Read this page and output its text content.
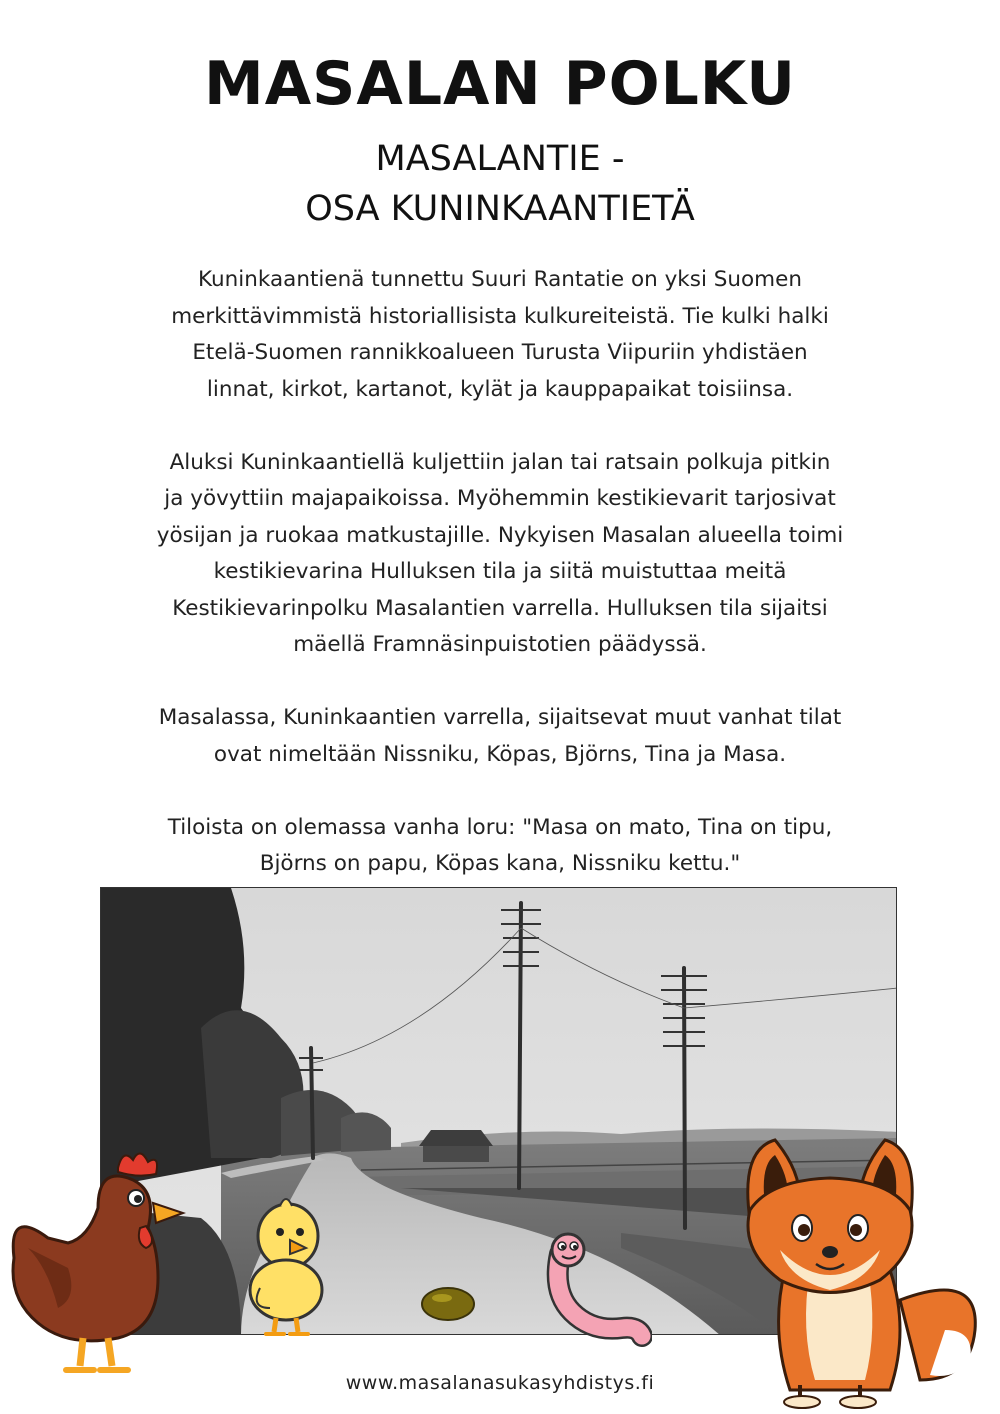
MASALAN POLKU
MASALANTIE -
OSA KUNINKAANTIETÄ

Kuninkaantienä tunnettu Suuri Rantatie on yksi Suomen
merkittävimmistä historiallisista kulkureiteistä. Tie kulki halki
Etelä-Suomen rannikkoalueen Turusta Viipuriin yhdistäen
linnat, kirkot, kartanot, kylät ja kauppapaikat toisiinsa.

Aluksi Kuninkaantiellä kuljettiin jalan tai ratsain polkuja pitkin
ja yövyttiin majapaikoissa. Myöhemmin kestikievarit tarjosivat
yösijan ja ruokaa matkustajille. Nykyisen Masalan alueella toimi
kestikievarina Hulluksen tila ja siitä muistuttaa meitä
Kestikievarinpolku Masalantien varrella. Hulluksen tila sijaitsi
mäellä Framnäsinpuistotien päädyssä.

Masalassa, Kuninkaantien varrella, sijaitsevat muut vanhat tilat
ovat nimeltään Nissniku, Köpas, Björns, Tina ja Masa.

Tiloista on olemassa vanha loru: "Masa on mato, Tina on tipu,
Björns on papu, Köpas kana, Nissniku kettu."

www.masalanasukasyhdistys.fi
